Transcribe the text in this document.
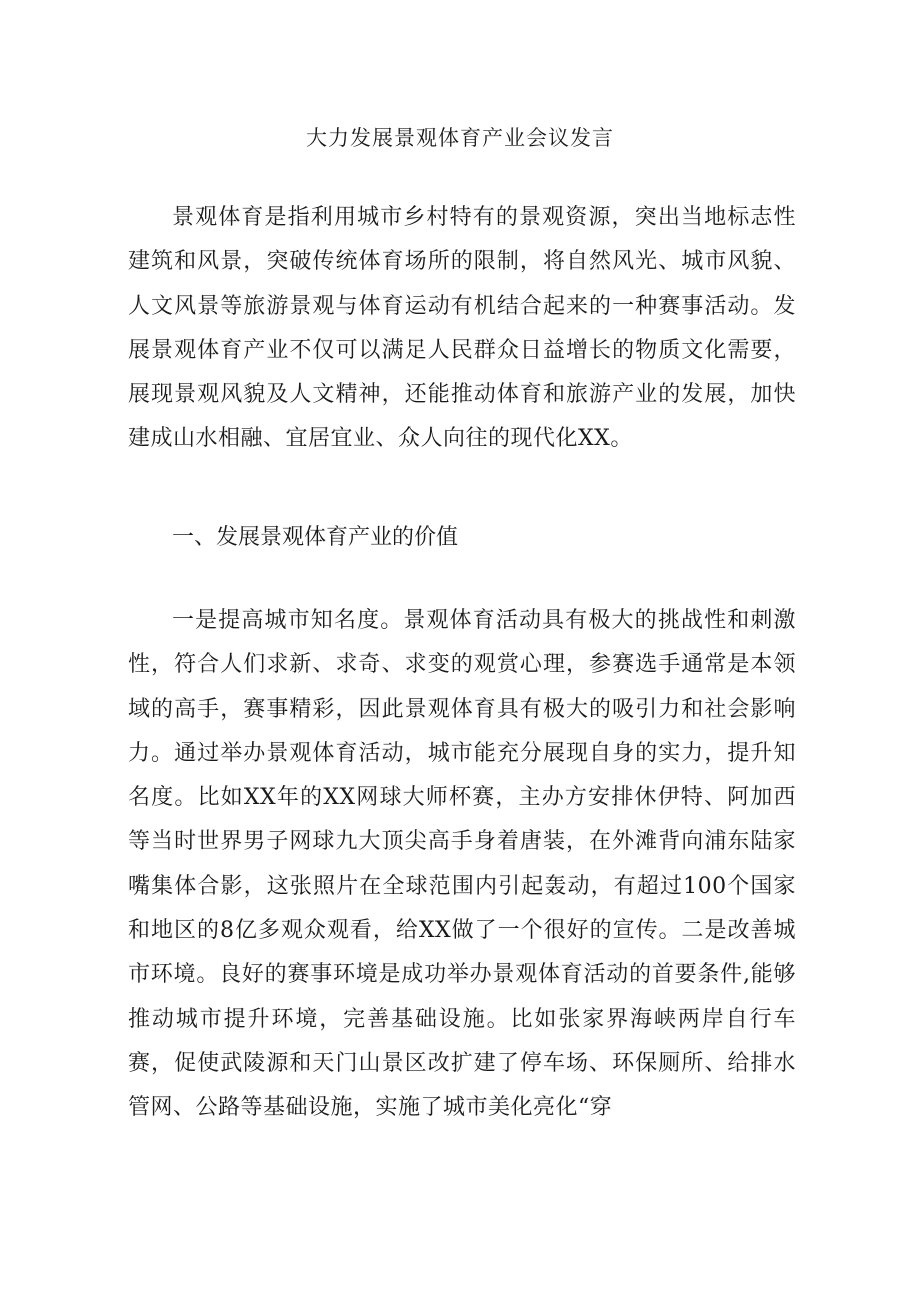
大力发展景观体育产业会议发言

景观体育是指利用城市乡村特有的景观资源，突出当地标志性建筑和风景，突破传统体育场所的限制，将自然风光、城市风貌、人文风景等旅游景观与体育运动有机结合起来的一种赛事活动。发展景观体育产业不仅可以满足人民群众日益增长的物质文化需要，展现景观风貌及人文精神，还能推动体育和旅游产业的发展，加快建成山水相融、宜居宜业、众人向往的现代化XX。

一、发展景观体育产业的价值

一是提高城市知名度。景观体育活动具有极大的挑战性和刺激性，符合人们求新、求奇、求变的观赏心理，参赛选手通常是本领域的高手，赛事精彩，因此景观体育具有极大的吸引力和社会影响力。通过举办景观体育活动，城市能充分展现自身的实力，提升知名度。比如XX年的XX网球大师杯赛，主办方安排休伊特、阿加西等当时世界男子网球九大顶尖高手身着唐装，在外滩背向浦东陆家嘴集体合影，这张照片在全球范围内引起轰动，有超过100个国家和地区的8亿多观众观看，给XX做了一个很好的宣传。二是改善城市环境。良好的赛事环境是成功举办景观体育活动的首要条件,能够推动城市提升环境，完善基础设施。比如张家界海峡两岸自行车赛，促使武陵源和天门山景区改扩建了停车场、环保厕所、给排水管网、公路等基础设施，实施了城市美化亮化“穿
